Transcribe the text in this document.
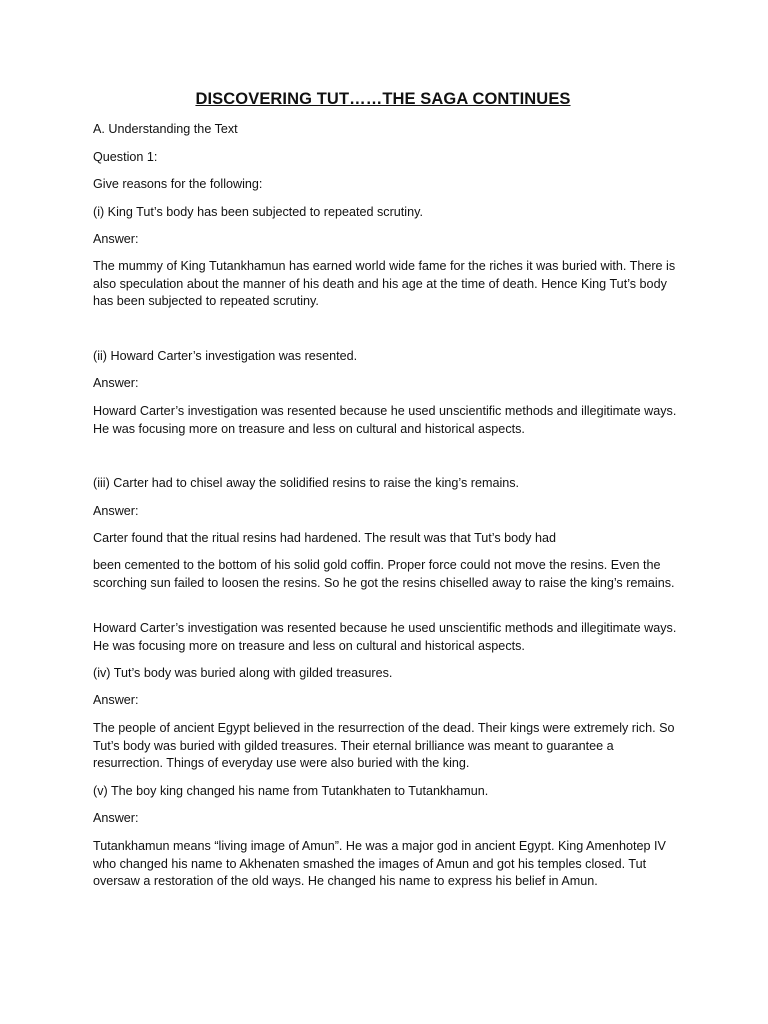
DISCOVERING TUT……THE SAGA CONTINUES

A. Understanding the Text

Question 1:

Give reasons for the following:

(i) King Tut’s body has been subjected to repeated scrutiny.

Answer:

The mummy of King Tutankhamun has earned world wide fame for the riches it was buried with. There is also speculation about the manner of his death and his age at the time of death. Hence King Tut’s body has been subjected to repeated scrutiny.

(ii) Howard Carter’s investigation was resented.

Answer:

Howard Carter’s investigation was resented because he used unscientific methods and illegitimate ways. He was focusing more on treasure and less on cultural and historical aspects.

(iii) Carter had to chisel away the solidified resins to raise the king’s remains.

Answer:

Carter found that the ritual resins had hardened. The result was that Tut’s body had

been cemented to the bottom of his solid gold coffin. Proper force could not move the resins. Even the scorching sun failed to loosen the resins. So he got the resins chiselled away to raise the king’s remains.

Howard Carter’s investigation was resented because he used unscientific methods and illegitimate ways. He was focusing more on treasure and less on cultural and historical aspects.

(iv) Tut’s body was buried along with gilded treasures.

Answer:

The people of ancient Egypt believed in the resurrection of the dead. Their kings were extremely rich. So Tut’s body was buried with gilded treasures. Their eternal brilliance was meant to guarantee a resurrection. Things of everyday use were also buried with the king.

(v) The boy king changed his name from Tutankhaten to Tutankhamun.

Answer:

Tutankhamun means “living image of Amun”. He was a major god in ancient Egypt. King Amenhotep IV who changed his name to Akhenaten smashed the images of Amun and got his temples closed. Tut oversaw a restoration of the old ways. He changed his name to express his belief in Amun.
